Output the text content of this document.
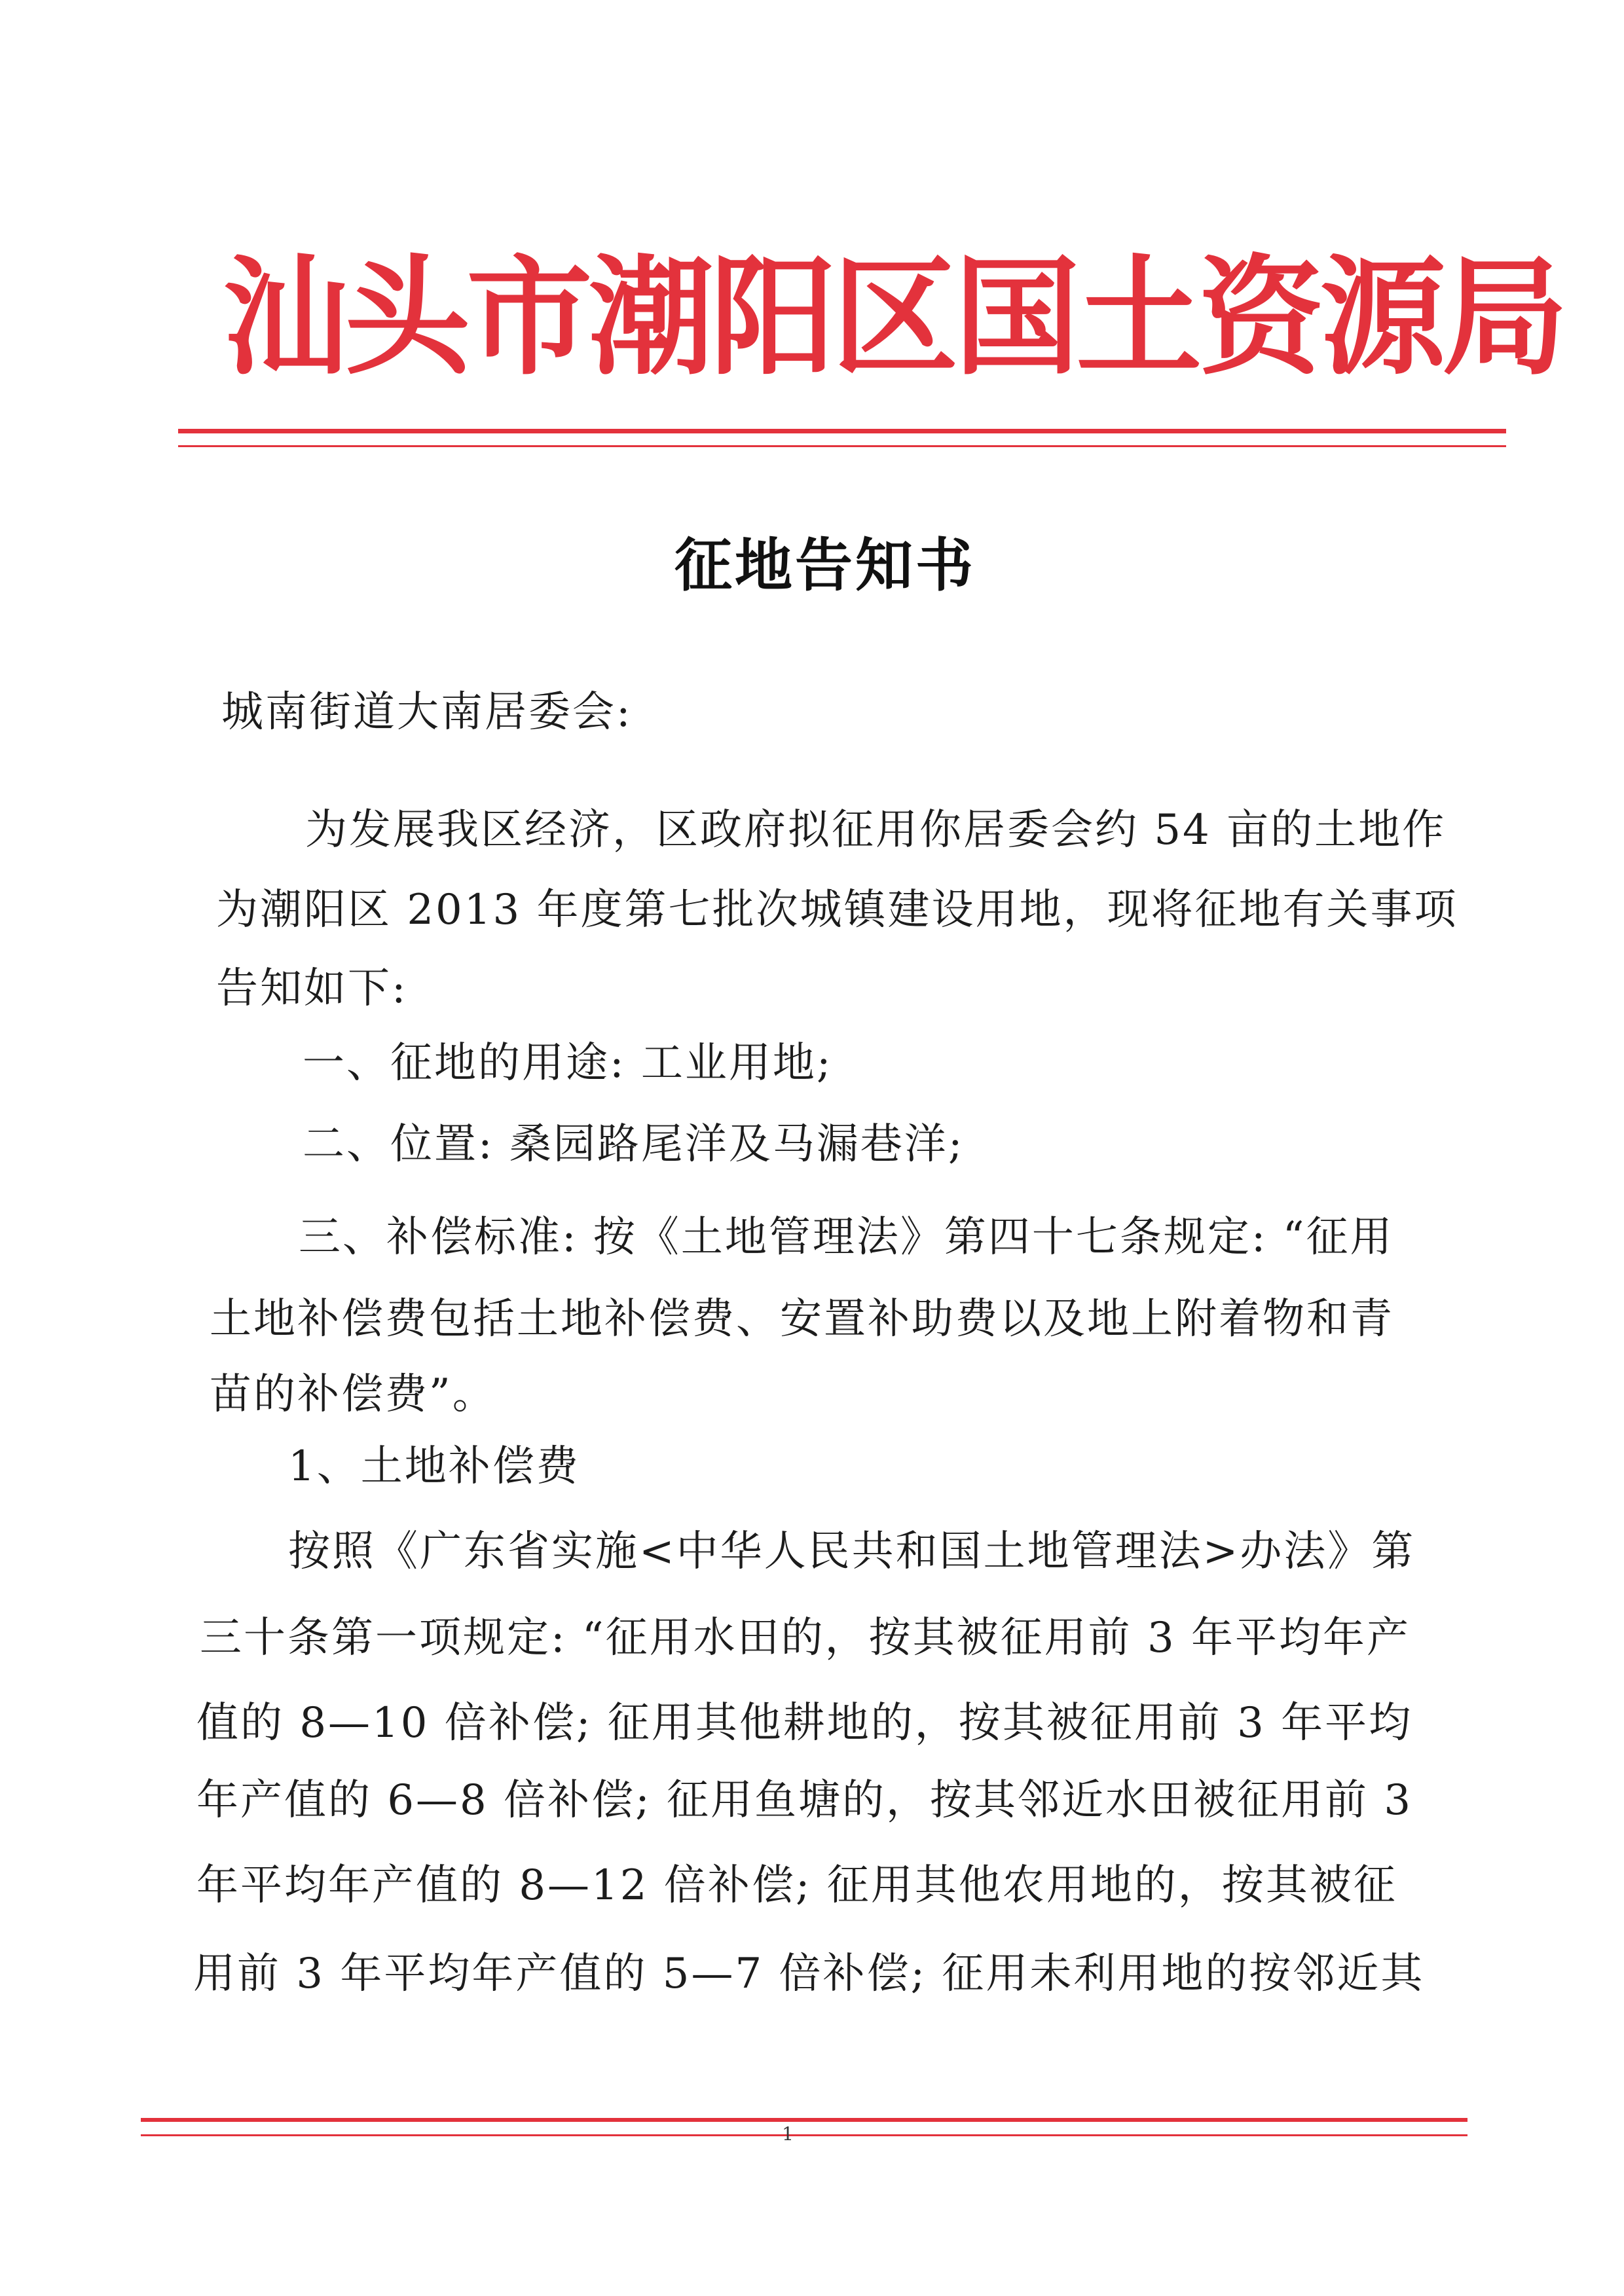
汕头市潮阳区国土资源局
征地告知书
城南街道大南居委会:
为发展我区经济，区政府拟征用你居委会约 54 亩的土地作
为潮阳区 2013 年度第七批次城镇建设用地，现将征地有关事项
告知如下:
一、征地的用途: 工业用地;
二、位置: 桑园路尾洋及马漏巷洋;
三、补偿标准: 按《土地管理法》第四十七条规定: “征用
土地补偿费包括土地补偿费、安置补助费以及地上附着物和青
苗的补偿费”。
1、土地补偿费
按照《广东省实施<中华人民共和国土地管理法>办法》第
三十条第一项规定: “征用水田的，按其被征用前 3 年平均年产
值的 8—10 倍补偿; 征用其他耕地的，按其被征用前 3 年平均
年产值的 6—8 倍补偿; 征用鱼塘的，按其邻近水田被征用前 3
年平均年产值的 8—12 倍补偿; 征用其他农用地的，按其被征
用前 3 年平均年产值的 5—7 倍补偿; 征用未利用地的按邻近其
1
